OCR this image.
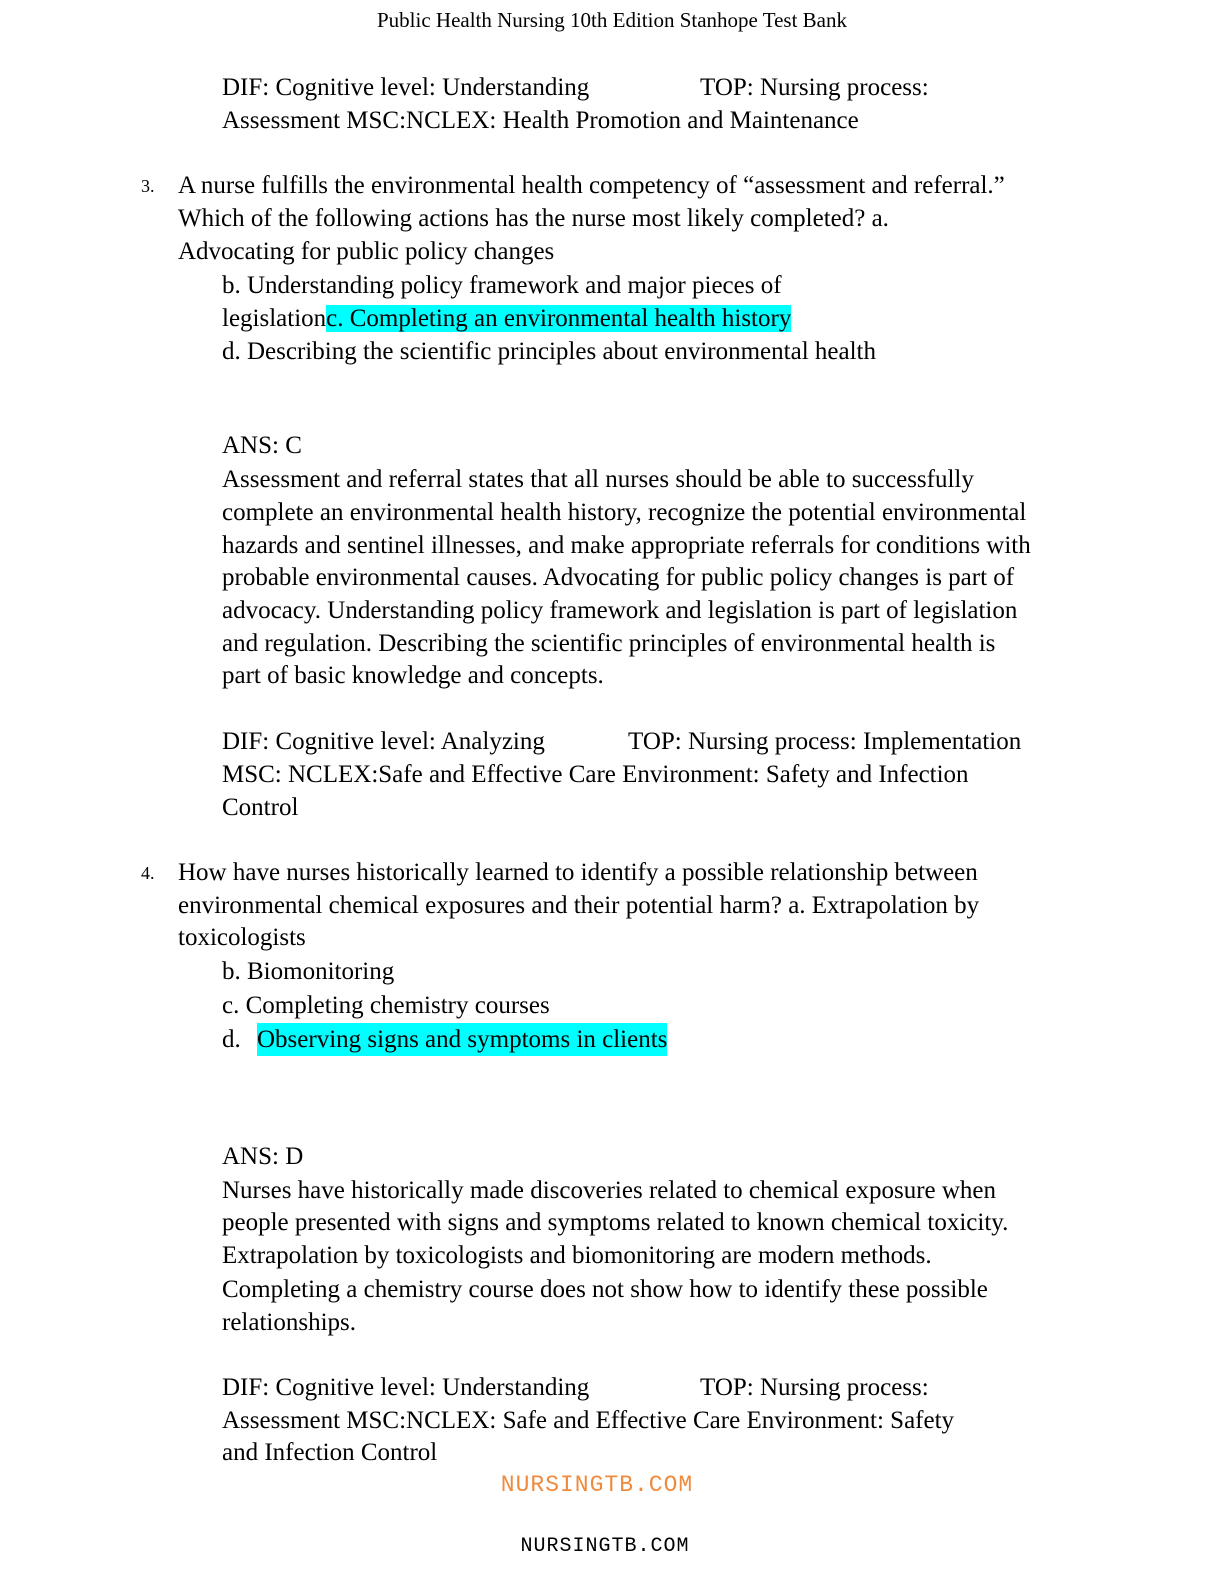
Public Health Nursing 10th Edition Stanhope Test Bank
DIF: Cognitive level: Understanding	TOP: Nursing process:
Assessment MSC:NCLEX: Health Promotion and Maintenance
3. A nurse fulfills the environmental health competency of “assessment and referral.”
Which of the following actions has the nurse most likely completed? a.
Advocating for public policy changes
b. Understanding policy framework and major pieces of
legislationc. Completing an environmental health history
d. Describing the scientific principles about environmental health
ANS: C
Assessment and referral states that all nurses should be able to successfully
complete an environmental health history, recognize the potential environmental
hazards and sentinel illnesses, and make appropriate referrals for conditions with
probable environmental causes. Advocating for public policy changes is part of
advocacy. Understanding policy framework and legislation is part of legislation
and regulation. Describing the scientific principles of environmental health is
part of basic knowledge and concepts.
DIF: Cognitive level: Analyzing	TOP: Nursing process: Implementation
MSC: NCLEX:Safe and Effective Care Environment: Safety and Infection
Control
4. How have nurses historically learned to identify a possible relationship between
environmental chemical exposures and their potential harm? a. Extrapolation by
toxicologists
b. Biomonitoring
c. Completing chemistry courses
d. Observing signs and symptoms in clients
ANS: D
Nurses have historically made discoveries related to chemical exposure when
people presented with signs and symptoms related to known chemical toxicity.
Extrapolation by toxicologists and biomonitoring are modern methods.
Completing a chemistry course does not show how to identify these possible
relationships.
DIF: Cognitive level: Understanding	TOP: Nursing process:
Assessment MSC:NCLEX: Safe and Effective Care Environment: Safety
and Infection Control
NURSINGTB.COM
NURSINGTB.COM
